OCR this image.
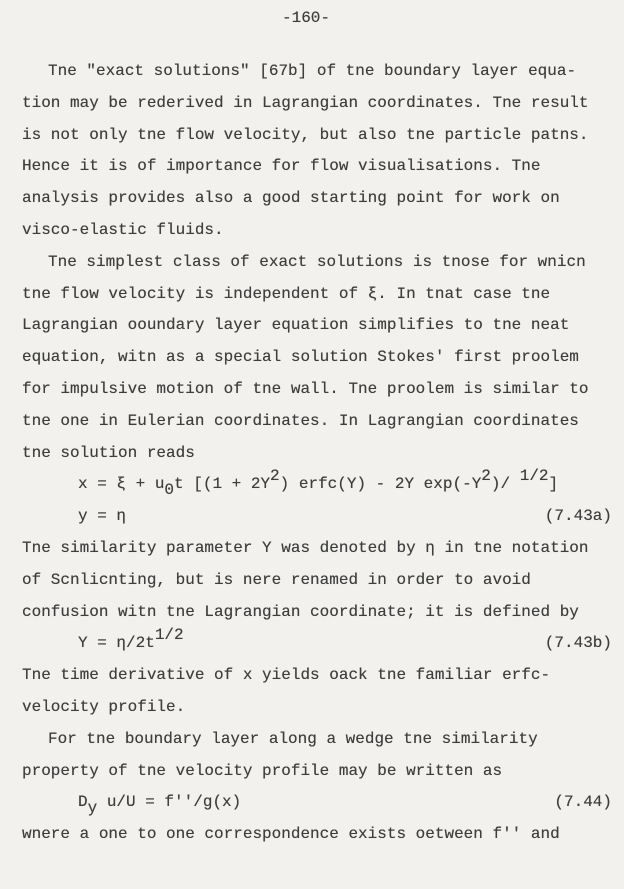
-160-
Tne "exact solutions" [67b] of tne boundary layer equa-
tion may be rederived in Lagrangian coordinates. Tne result
is not only tne flow velocity, but also tne particle patns.
Hence it is of importance for flow visualisations. Tne
analysis provides also a good starting point for work on
visco-elastic fluids.
Tne simplest class of exact solutions is tnose for wnicn
tne flow velocity is independent of ξ. In tnat case tne
Lagrangian ooundary layer equation simplifies to tne neat
equation, witn as a special solution Stokes' first proolem
for impulsive motion of tne wall. Tne proolem is similar to
tne one in Eulerian coordinates. In Lagrangian coordinates
tne solution reads
x = ξ + u0t [(1 + 2Y2) erfc(Y) - 2Y exp(-Y2)/ 1/2]
y = η	(7.43a)
Tne similarity parameter Y was denoted by η in tne notation
of Scnlicnting, but is nere renamed in order to avoid
confusion witn tne Lagrangian coordinate; it is defined by
Y = η/2t1/2	(7.43b)
Tne time derivative of x yields oack tne familiar erfc-
velocity profile.
For tne boundary layer along a wedge tne similarity
property of tne velocity profile may be written as
Dy u/U = f''/g(x)	(7.44)
wnere a one to one correspondence exists oetween f'' and
